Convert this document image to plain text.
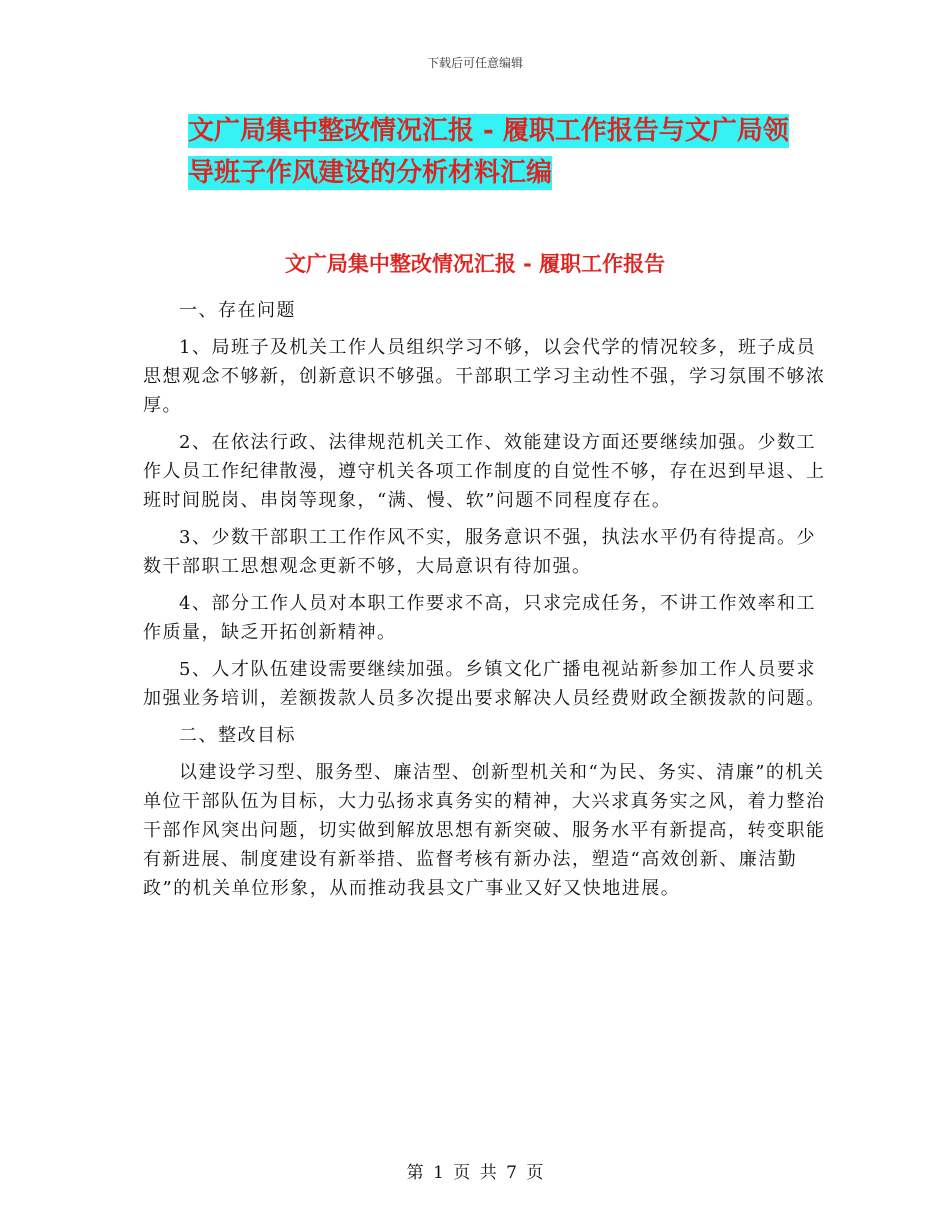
下载后可任意编辑
文广局集中整改情况汇报 - 履职工作报告与文广局领
导班子作风建设的分析材料汇编
文广局集中整改情况汇报 - 履职工作报告

一、存在问题

1、局班子及机关工作人员组织学习不够，以会代学的情况较多，班子成员思想观念不够新，创新意识不够强。干部职工学习主动性不强，学习氛围不够浓厚。

2、在依法行政、法律规范机关工作、效能建设方面还要继续加强。少数工作人员工作纪律散漫，遵守机关各项工作制度的自觉性不够，存在迟到早退、上班时间脱岗、串岗等现象，“满、慢、软”问题不同程度存在。

3、少数干部职工工作作风不实，服务意识不强，执法水平仍有待提高。少数干部职工思想观念更新不够，大局意识有待加强。

4、部分工作人员对本职工作要求不高，只求完成任务，不讲工作效率和工作质量，缺乏开拓创新精神。

5、人才队伍建设需要继续加强。乡镇文化广播电视站新参加工作人员要求加强业务培训，差额拨款人员多次提出要求解决人员经费财政全额拨款的问题。

二、整改目标

以建设学习型、服务型、廉洁型、创新型机关和“为民、务实、清廉”的机关单位干部队伍为目标，大力弘扬求真务实的精神，大兴求真务实之风，着力整治干部作风突出问题，切实做到解放思想有新突破、服务水平有新提高，转变职能有新进展、制度建设有新举措、监督考核有新办法，塑造“高效创新、廉洁勤政”的机关单位形象，从而推动我县文广事业又好又快地进展。

第 1 页 共 7 页
